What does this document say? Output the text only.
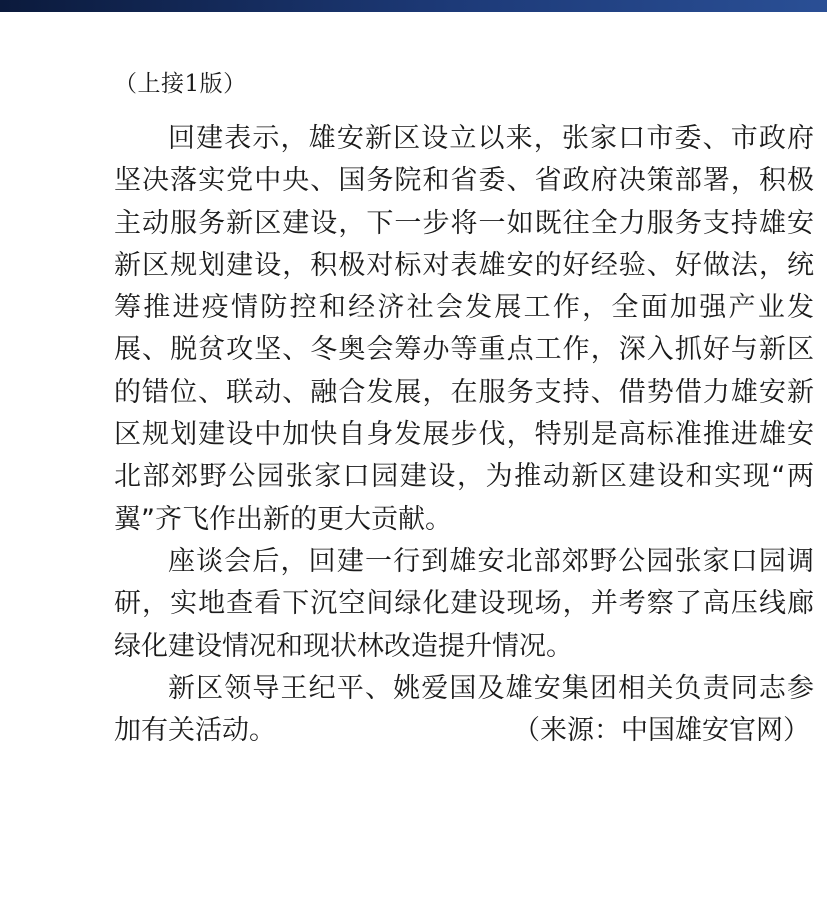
（上接1版）

回建表示，雄安新区设立以来，张家口市委、市政府坚决落实党中央、国务院和省委、省政府决策部署，积极主动服务新区建设，下一步将一如既往全力服务支持雄安新区规划建设，积极对标对表雄安的好经验、好做法，统筹推进疫情防控和经济社会发展工作，全面加强产业发展、脱贫攻坚、冬奥会筹办等重点工作，深入抓好与新区的错位、联动、融合发展，在服务支持、借势借力雄安新区规划建设中加快自身发展步伐，特别是高标准推进雄安北部郊野公园张家口园建设，为推动新区建设和实现“两翼”齐飞作出新的更大贡献。

座谈会后，回建一行到雄安北部郊野公园张家口园调研，实地查看下沉空间绿化建设现场，并考察了高压线廊绿化建设情况和现状林改造提升情况。

新区领导王纪平、姚爱国及雄安集团相关负责同志参加有关活动。	（来源：中国雄安官网）
